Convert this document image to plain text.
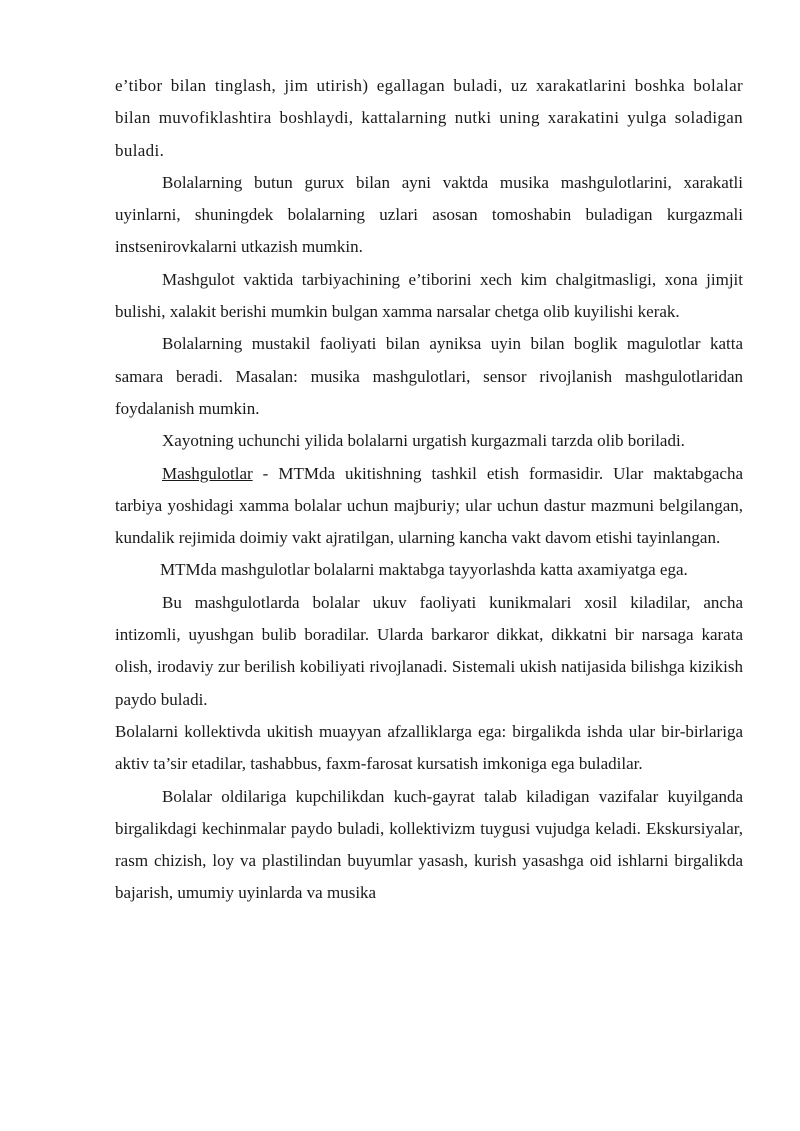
e’tibor bilan tinglash, jim utirish) egallagan buladi, uz xarakatlarini boshka bolalar bilan muvofiklashtira boshlaydi, kattalarning nutki uning xarakatini yulga soladigan buladi.

Bolalarning butun gurux bilan ayni vaktda musika mashgulotlarini, xarakatli uyinlarni, shuningdek bolalarning uzlari asosan tomoshabin buladigan kurgazmali instsenirovkalarni utkazish mumkin.

Mashgulot vaktida tarbiyachining e’tiborini xech kim chalgitmasligi, xona jimjit bulishi, xalakit berishi mumkin bulgan xamma narsalar chetga olib kuyilishi kerak.

Bolalarning mustakil faoliyati bilan ayniksa uyin bilan boglik magulotlar katta samara beradi. Masalan: musika mashgulotlari, sensor rivojlanish mashgulotlaridan foydalanish mumkin.

Xayotning uchunchi yilida bolalarni urgatish kurgazmali tarzda olib boriladi.

Mashgulotlar - MTMda ukitishning tashkil etish formasidir. Ular maktabgacha tarbiya yoshidagi xamma bolalar uchun majburiy; ular uchun dastur mazmuni belgilangan, kundalik rejimida doimiy vakt ajratilgan, ularning kancha vakt davom etishi tayinlangan.

MTMda mashgulotlar bolalarni maktabga tayyorlashda katta axamiyatga ega.

Bu mashgulotlarda bolalar ukuv faoliyati kunikmalari xosil kiladilar, ancha intizomli, uyushgan bulib boradilar. Ularda barkaror dikkat, dikkatni bir narsaga karata olish, irodaviy zur berilish kobiliyati rivojlanadi. Sistemali ukish natijasida bilishga kizikish paydo buladi.

Bolalarni kollektivda ukitish muayyan afzalliklarga ega: birgalikda ishda ular bir-birlariga aktiv ta’sir etadilar, tashabbus, faxm-farosat kursatish imkoniga ega buladilar.

Bolalar oldilariga kupchilikdan kuch-gayrat talab kiladigan vazifalar kuyilganda birgalikdagi kechinmalar paydo buladi, kollektivizm tuygusi vujudga keladi. Ekskursiyalar, rasm chizish, loy va plastilindan buyumlar yasash, kurish yasashga oid ishlarni birgalikda bajarish, umumiy uyinlarda va musika
